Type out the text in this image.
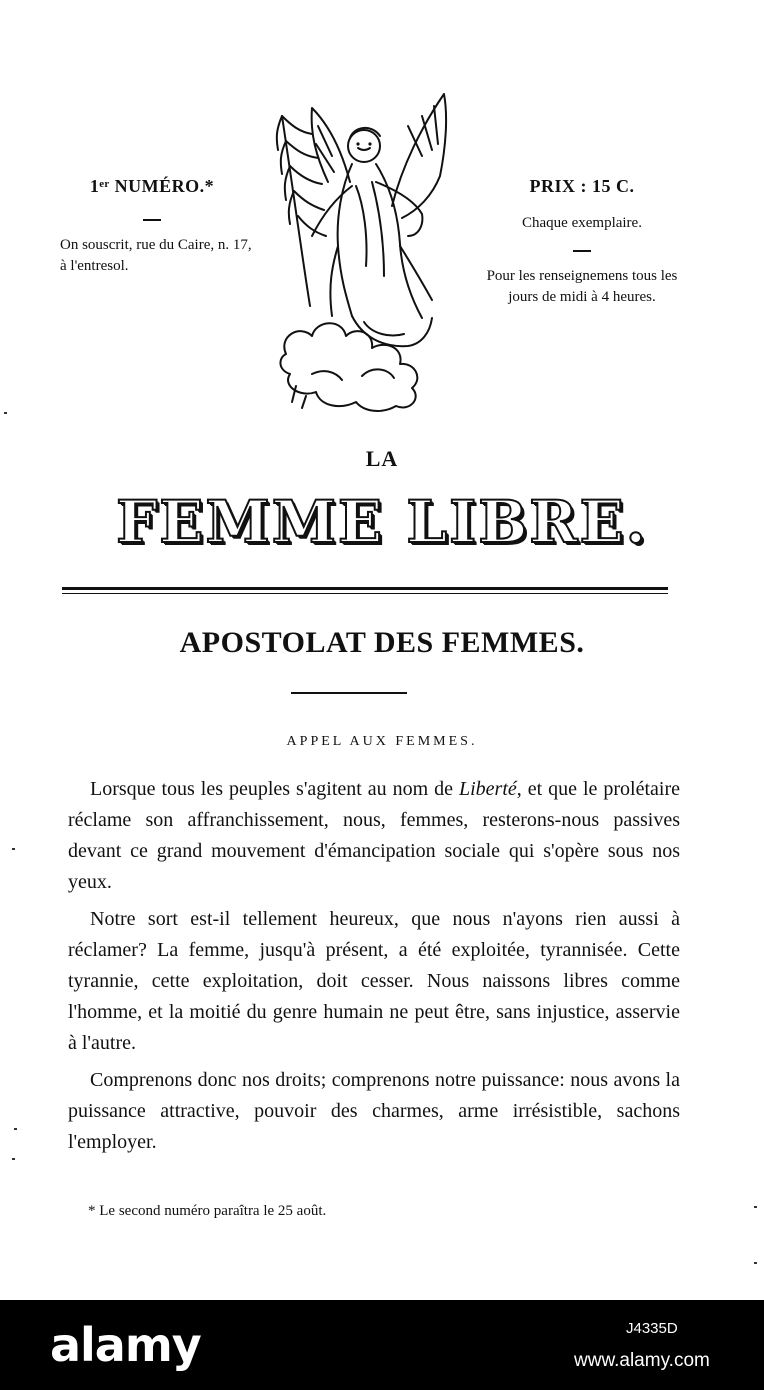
1ᵉʳ NUMÉRO.*

On souscrit, rue du Caire, n. 17, à l'entresol.

PRIX : 15 C.
Chaque exemplaire.

Pour les renseignemens tous les jours de midi à 4 heures.

LA
FEMME LIBRE.
APOSTOLAT DES FEMMES.
APPEL AUX FEMMES.

Lorsque tous les peuples s'agitent au nom de Liberté, et que le prolétaire réclame son affranchissement, nous, femmes, resterons-nous passives devant ce grand mouvement d'émancipation sociale qui s'opère sous nos yeux.

Notre sort est-il tellement heureux, que nous n'ayons rien aussi à réclamer? La femme, jusqu'à présent, a été exploitée, tyrannisée. Cette tyrannie, cette exploitation, doit cesser. Nous naissons libres comme l'homme, et la moitié du genre humain ne peut être, sans injustice, asservie à l'autre.

Comprenons donc nos droits; comprenons notre puissance: nous avons la puissance attractive, pouvoir des charmes, arme irrésistible, sachons l'employer.

* Le second numéro paraîtra le 25 août.
alamy	J4335D
www.alamy.com
